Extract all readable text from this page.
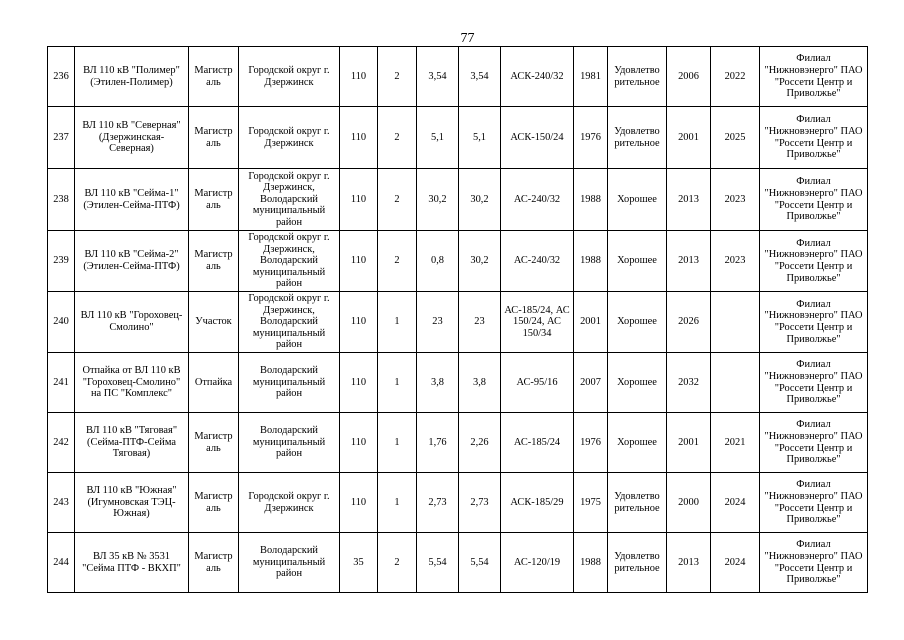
77
236	ВЛ 110 кВ "Полимер" (Этилен-Полимер)	Магистр аль	Городской округ г. Дзержинск	110	2	3,54	3,54	АСК-240/32	1981	Удовлетво рительное	2006	2022	Филиал "Нижновэнерго" ПАО "Россети Центр и Приволжье"
237	ВЛ 110 кВ "Северная" (Дзержинская-Северная)	Магистр аль	Городской округ г. Дзержинск	110	2	5,1	5,1	АСК-150/24	1976	Удовлетво рительное	2001	2025	Филиал "Нижновэнерго" ПАО "Россети Центр и Приволжье"
238	ВЛ 110 кВ "Сейма-1" (Этилен-Сейма-ПТФ)	Магистр аль	Городской округ г. Дзержинск, Володарский муниципальный район	110	2	30,2	30,2	АС-240/32	1988	Хорошее	2013	2023	Филиал "Нижновэнерго" ПАО "Россети Центр и Приволжье"
239	ВЛ 110 кВ "Сейма-2" (Этилен-Сейма-ПТФ)	Магистр аль	Городской округ г. Дзержинск, Володарский муниципальный район	110	2	0,8	30,2	АС-240/32	1988	Хорошее	2013	2023	Филиал "Нижновэнерго" ПАО "Россети Центр и Приволжье"
240	ВЛ 110 кВ "Гороховец-Смолино"	Участок	Городской округ г. Дзержинск, Володарский муниципальный район	110	1	23	23	АС-185/24, АС 150/24, АС 150/34	2001	Хорошее	2026		Филиал "Нижновэнерго" ПАО "Россети Центр и Приволжье"
241	Отпайка от ВЛ 110 кВ "Гороховец-Смолино" на ПС "Комплекс"	Отпайка	Володарский муниципальный район	110	1	3,8	3,8	АС-95/16	2007	Хорошее	2032		Филиал "Нижновэнерго" ПАО "Россети Центр и Приволжье"
242	ВЛ 110 кВ "Тяговая" (Сейма-ПТФ-Сейма Тяговая)	Магистр аль	Володарский муниципальный район	110	1	1,76	2,26	АС-185/24	1976	Хорошее	2001	2021	Филиал "Нижновэнерго" ПАО "Россети Центр и Приволжье"
243	ВЛ 110 кВ "Южная" (Игумновская ТЭЦ-Южная)	Магистр аль	Городской округ г. Дзержинск	110	1	2,73	2,73	АСК-185/29	1975	Удовлетво рительное	2000	2024	Филиал "Нижновэнерго" ПАО "Россети Центр и Приволжье"
244	ВЛ 35 кВ № 3531 "Сейма ПТФ - ВКХП"	Магистр аль	Володарский муниципальный район	35	2	5,54	5,54	АС-120/19	1988	Удовлетво рительное	2013	2024	Филиал "Нижновэнерго" ПАО "Россети Центр и Приволжье"
